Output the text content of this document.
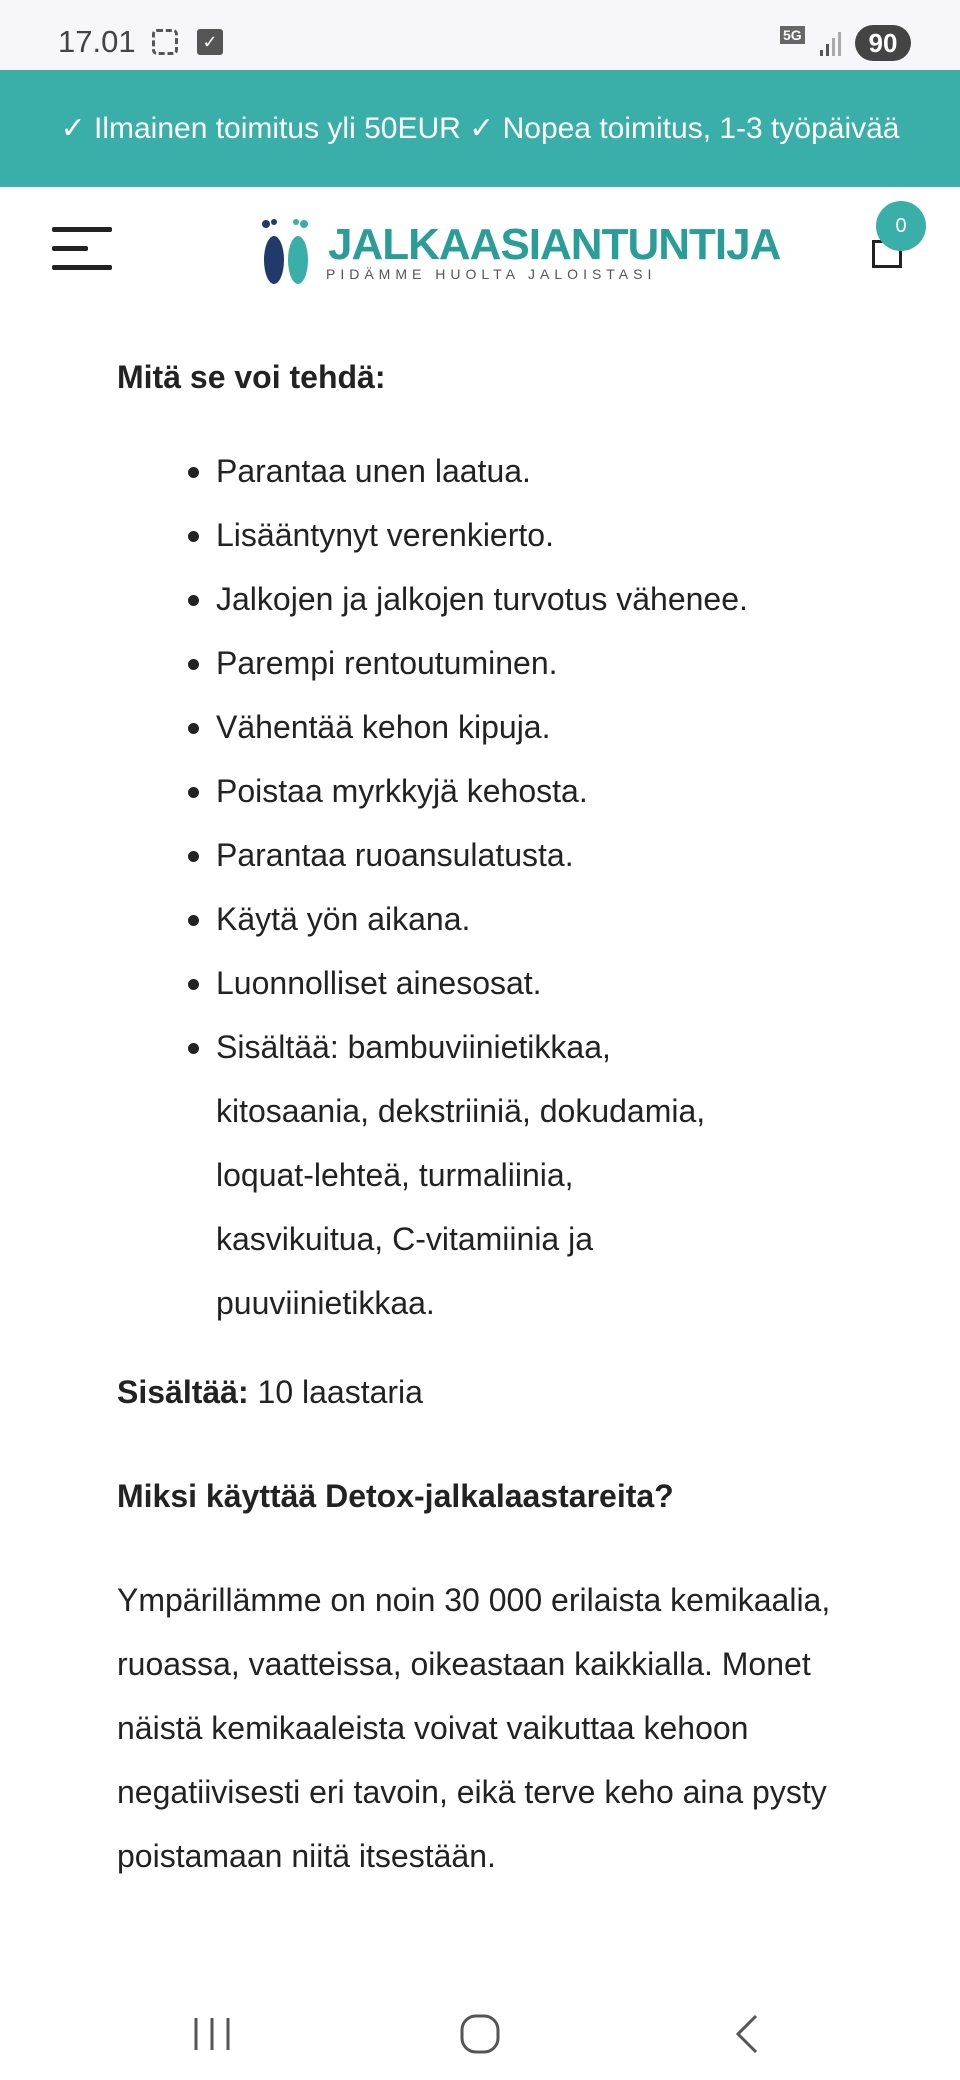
17.01	✓	5G	90
✓ Ilmainen toimitus yli 50EUR ✓ Nopea toimitus, 1-3 työpäivää
JALKAASIANTUNTIJA
PIDÄMME HUOLTA JALOISTASI
0
Mitä se voi tehdä:
Parantaa unen laatua.
Lisääntynyt verenkierto.
Jalkojen ja jalkojen turvotus vähenee.
Parempi rentoutuminen.
Vähentää kehon kipuja.
Poistaa myrkkyjä kehosta.
Parantaa ruoansulatusta.
Käytä yön aikana.
Luonnolliset ainesosat.
Sisältää: bambuviinietikkaa, kitosaania, dekstriiniä, dokudamia, loquat-lehteä, turmaliinia, kasvikuitua, C-vitamiinia ja puuviinietikkaa.

Sisältää: 10 laastaria

Miksi käyttää Detox-jalkalaastareita?

Ympärillämme on noin 30 000 erilaista kemikaalia, ruoassa, vaatteissa, oikeastaan kaikkialla. Monet näistä kemikaaleista voivat vaikuttaa kehoon negatiivisesti eri tavoin, eikä terve keho aina pysty poistamaan niitä itsestään.
